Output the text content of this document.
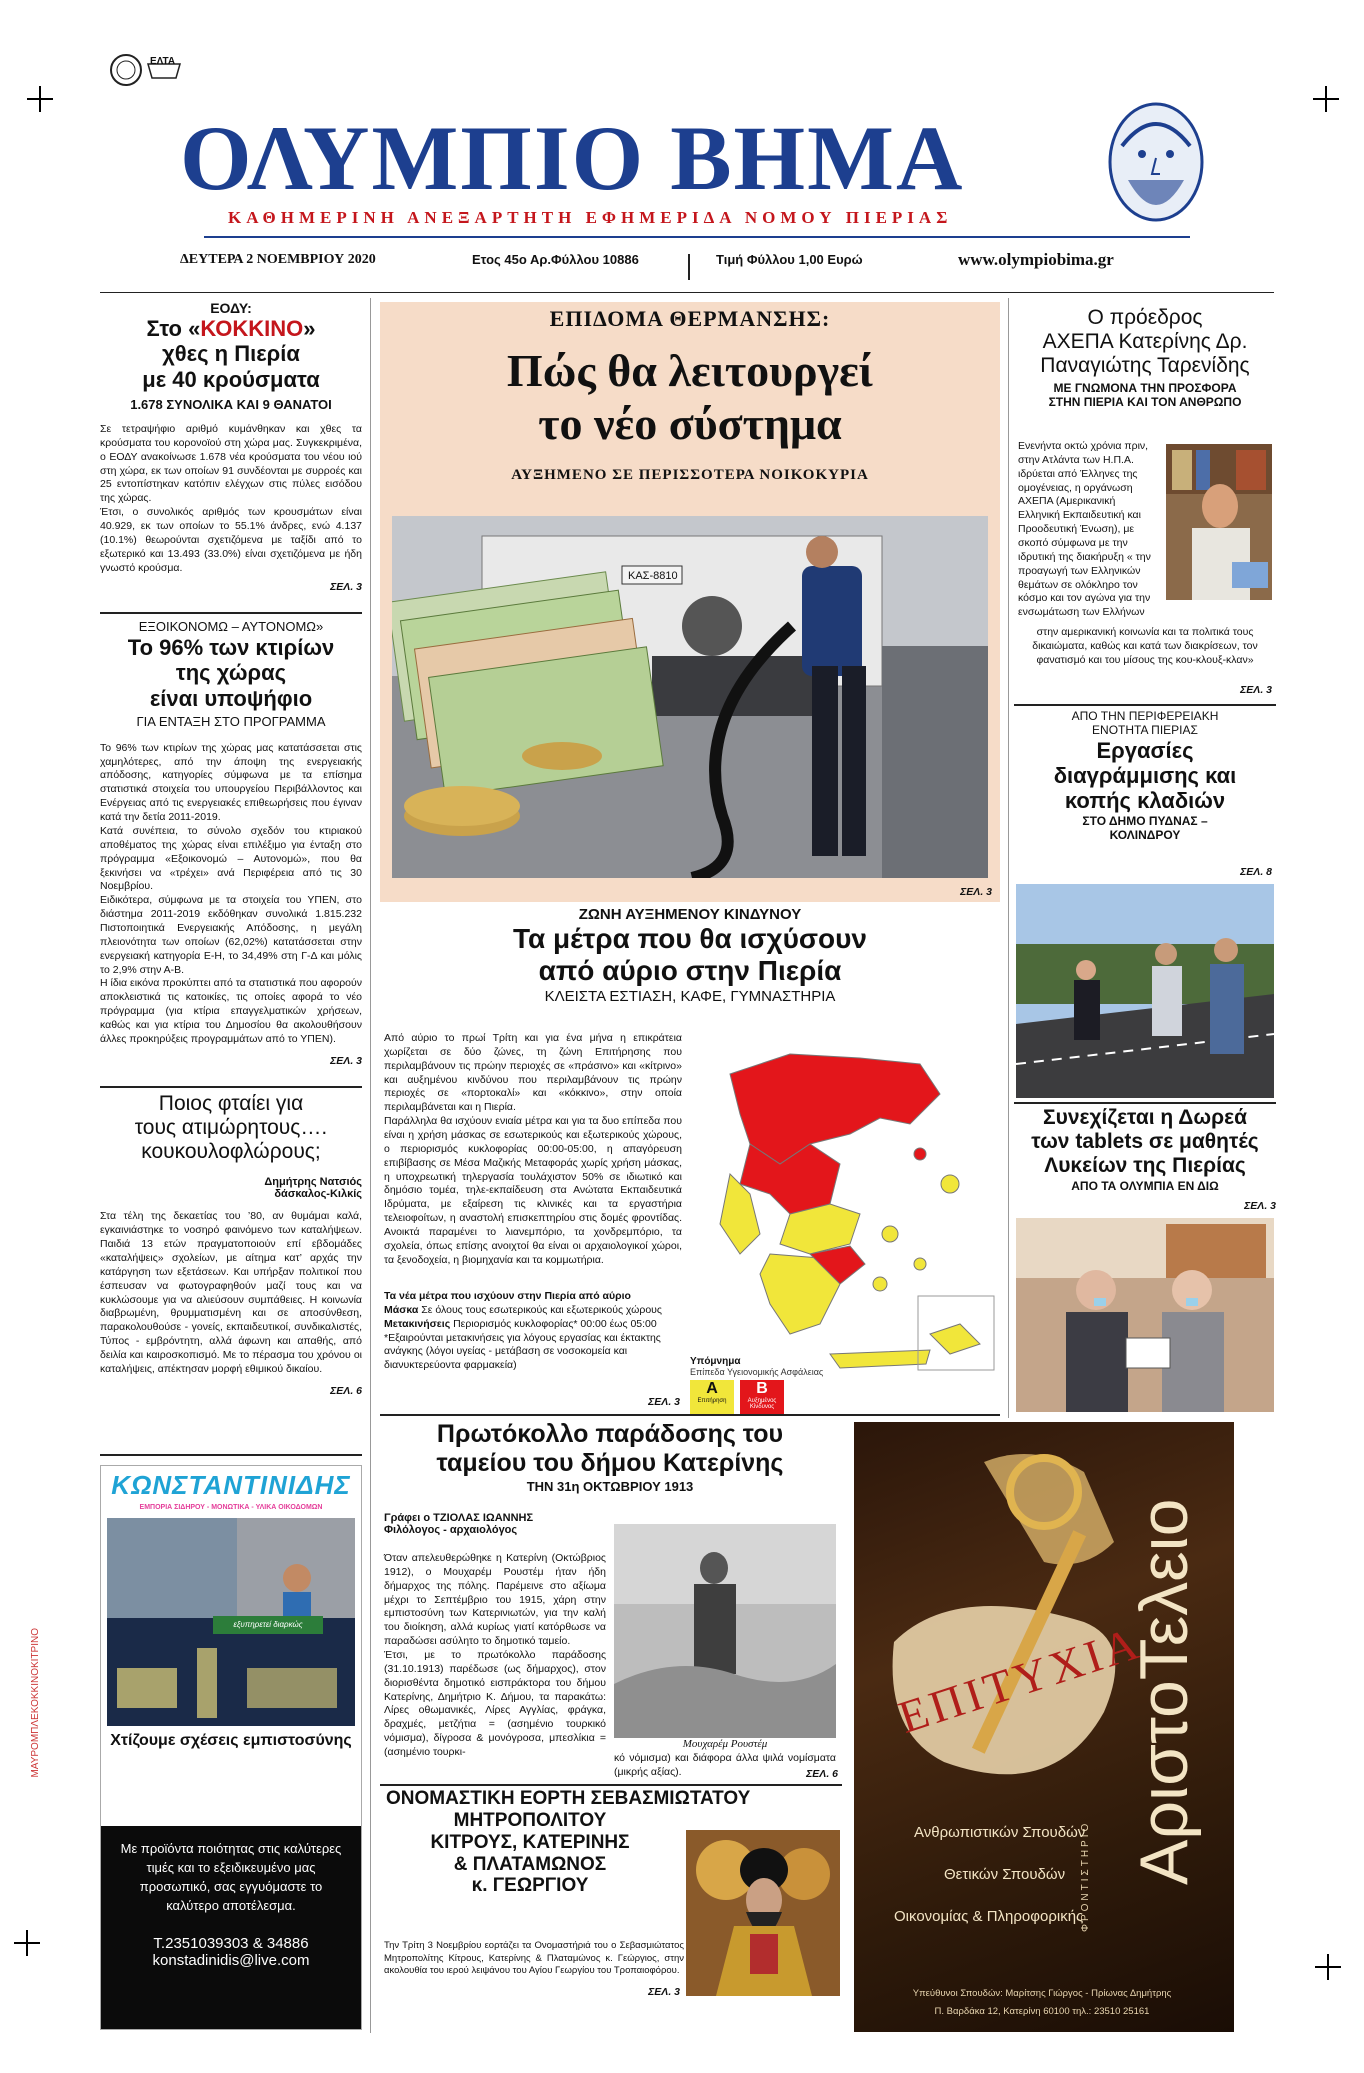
ΜΑΥΡΟΜΠΛΕΚΟΚΚΙΝΟΚΙΤΡΙΝΟ
ΕΛΤΑ
ΟΛΥΜΠΙΟ ΒΗΜΑ
ΚΑΘΗΜΕΡΙΝΗ ΑΝΕΞΑΡΤΗΤΗ ΕΦΗΜΕΡΙΔΑ ΝΟΜΟΥ ΠΙΕΡΙΑΣ
ΔΕΥΤΕΡΑ 2 ΝΟΕΜΒΡΙΟΥ 2020	Ετος 45ο Αρ.Φύλλου 10886	Τιμή Φύλλου 1,00 Ευρώ	www.olympiobima.gr
ΕΟΔΥ:
Στο «ΚΟΚΚΙΝΟ»
χθες η Πιερία
με 40 κρούσματα
1.678 ΣΥΝΟΛΙΚΑ ΚΑΙ 9 ΘΑΝΑΤΟΙ
Σε τετραψήφιο αριθμό κυμάνθηκαν και χθες τα κρούσματα του κορονοϊού στη χώρα μας. Συγκεκριμένα, ο ΕΟΔΥ ανακοίνωσε 1.678 νέα κρούσματα του νέου ιού στη χώρα, εκ των οποίων 91 συνδέονται με συρροές και 25 εντοπίστηκαν κατόπιν ελέγχων στις πύλες εισόδου της χώρας.
Έτσι, ο συνολικός αριθμός των κρουσμάτων είναι 40.929, εκ των οποίων το 55.1% άνδρες, ενώ 4.137 (10.1%) θεωρούνται σχετιζόμενα με ταξίδι από το εξωτερικό και 13.493 (33.0%) είναι σχετιζόμενα με ήδη γνωστό κρούσμα.
ΣΕΛ. 3
ΕΞΟΙΚΟΝΟΜΩ – ΑΥΤΟΝΟΜΩ»
Το 96% των κτιρίων
της χώρας
είναι υποψήφιο
ΓΙΑ ΕΝΤΑΞΗ ΣΤΟ ΠΡΟΓΡΑΜΜΑ
Το 96% των κτιρίων της χώρας μας κατατάσσεται στις χαμηλότερες, από την άποψη της ενεργειακής απόδοσης, κατηγορίες σύμφωνα με τα επίσημα στατιστικά στοιχεία του υπουργείου Περιβάλλοντος και Ενέργειας από τις ενεργειακές επιθεωρήσεις που έγιναν κατά την δετία 2011-2019.
Κατά συνέπεια, το σύνολο σχεδόν του κτιριακού αποθέματος της χώρας είναι επιλέξιμο για ένταξη στο πρόγραμμα «Εξοικονομώ – Αυτονομώ», που θα ξεκινήσει να «τρέχει» ανά Περιφέρεια από τις 30 Νοεμβρίου.
Ειδικότερα, σύμφωνα με τα στοιχεία του ΥΠΕΝ, στο διάστημα 2011-2019 εκδόθηκαν συνολικά 1.815.232 Πιστοποιητικά Ενεργειακής Απόδοσης, η μεγάλη πλειονότητα των οποίων (62,02%) κατατάσσεται στην ενεργειακή κατηγορία Ε-Η, το 34,49% στη Γ-Δ και μόλις το 2,9% στην Α-Β.
Η ίδια εικόνα προκύπτει από τα στατιστικά που αφορούν αποκλειστικά τις κατοικίες, τις οποίες αφορά το νέο πρόγραμμα (για κτίρια επαγγελματικών χρήσεων, καθώς και για κτίρια του Δημοσίου θα ακολουθήσουν άλλες προκηρύξεις προγραμμάτων από το ΥΠΕΝ).
ΣΕΛ. 3
Ποιος φταίει για
τους ατιμώρητους….
κουκουλοφλώρους;
Δημήτρης Νατσιός
δάσκαλος-Κιλκίς
Στα τέλη της δεκαετίας του ’80, αν θυμάμαι καλά, εγκαινιάστηκε το νοσηρό φαινόμενο των καταλήψεων. Παιδιά 13 ετών πραγματοποιούν επί εβδομάδες «καταλήψεις» σχολείων, με αίτημα κατ’ αρχάς την κατάργηση των εξετάσεων. Και υπήρξαν πολιτικοί που έσπευσαν να φωτογραφηθούν μαζί τους και να κυκλώσουμε για να αλιεύσουν συμπάθειες. Η κοινωνία διαβρωμένη, θρυμματισμένη και σε αποσύνθεση, παρακολουθούσε - γονείς, εκπαιδευτικοί, συνδικαλιστές, Τύπος - εμβρόντητη, αλλά άφωνη και απαθής, από δειλία και καιροσκοπισμό. Με το πέρασμα του χρόνου οι καταλήψεις, απέκτησαν μορφή εθιμικού δικαίου.
ΣΕΛ. 6
ΕΠΙΔΟΜΑ ΘΕΡΜΑΝΣΗΣ:
Πώς θα λειτουργεί
το νέο σύστημα
ΑΥΞΗΜΕΝΟ ΣΕ ΠΕΡΙΣΣΟΤΕΡΑ ΝΟΙΚΟΚΥΡΙΑ
ΚΑΣ-8810
ΣΕΛ. 3
ΖΩΝΗ ΑΥΞΗΜΕΝΟΥ ΚΙΝΔΥΝΟΥ
Τα μέτρα που θα ισχύσουν
από αύριο στην Πιερία
ΚΛΕΙΣΤΑ ΕΣΤΙΑΣΗ, ΚΑΦΕ, ΓΥΜΝΑΣΤΗΡΙΑ
Από αύριο το πρωί Τρίτη και για ένα μήνα η επικράτεια χωρίζεται σε δύο ζώνες, τη ζώνη Επιτήρησης που περιλαμβάνουν τις πρώην περιοχές σε «πράσινο» και «κίτρινο» και αυξημένου κινδύνου που περιλαμβάνουν τις πρώην περιοχές σε «πορτοκαλί» και «κόκκινο», στην οποία περιλαμβάνεται και η Πιερία.
Παράλληλα θα ισχύουν ενιαία μέτρα και για τα δυο επίπεδα που είναι η χρήση μάσκας σε εσωτερικούς και εξωτερικούς χώρους, ο περιορισμός κυκλοφορίας 00:00-05:00, η απαγόρευση επιβίβασης σε Μέσα Μαζικής Μεταφοράς χωρίς χρήση μάσκας, η υποχρεωτική τηλεργασία τουλάχιστον 50% σε ιδιωτικό και δημόσιο τομέα, τηλε-εκπαίδευση στα Ανώτατα Εκπαιδευτικά Ιδρύματα, με εξαίρεση τις κλινικές και τα εργαστήρια τελειοφοίτων, η αναστολή επισκεπτηρίου στις δομές φροντίδας. Ανοικτά παραμένει το λιανεμπόριο, τα χονδρεμπόριο, τα σχολεία, όπως επίσης ανοιχτοί θα είναι οι αρχαιολογικοί χώροι, τα ξενοδοχεία, η βιομηχανία και τα κομμωτήρια.
Τα νέα μέτρα που ισχύουν στην Πιερία από αύριο
Μάσκα Σε όλους τους εσωτερικούς και εξωτερικούς χώρους
Μετακινήσεις Περιορισμός κυκλοφορίας* 00:00 έως 05:00
*Εξαιρούνται μετακινήσεις για λόγους εργασίας και έκτακτης ανάγκης (λόγοι υγείας - μετάβαση σε νοσοκομεία και διανυκτερεύοντα φαρμακεία)
ΣΕΛ. 3
Υπόμνημα
Επίπεδα Υγειονομικής Ασφάλειας
A
Επιτήρηση
B
Αυξημένος Κίνδυνος
Πρωτόκολλο παράδοσης του
ταμείου του δήμου Κατερίνης
ΤΗΝ 31η ΟΚΤΩΒΡΙΟΥ 1913
Γράφει ο ΤΖΙΟΛΑΣ ΙΩΑΝΝΗΣ
Φιλόλογος - αρχαιολόγος
Όταν απελευθερώθηκε η Κατερίνη (Οκτώβριος 1912), ο Μουχαρέμ Ρουστέμ ήταν ήδη δήμαρχος της πόλης. Παρέμεινε στο αξίωμα μέχρι το Σεπτέμβριο του 1915, χάρη στην εμπιστοσύνη των Κατερινιωτών, για την καλή του διοίκηση, αλλά κυρίως γιατί κατόρθωσε να παραδώσει ασύλητο το δημοτικό ταμείο.
Έτσι, με το πρωτόκολλο παράδοσης (31.10.1913) παρέδωσε (ως δήμαρχος), στον διορισθέντα δημοτικό εισπράκτορα του δήμου Κατερίνης, Δημήτριο Κ. Δήμου, τα παρακάτω: Λίρες οθωμανικές, Λίρες Αγγλίας, φράγκα, δραχμές, μετζήτια = (ασημένιο τουρκικό νόμισμα), δίγροσα & μονόγροσα, μπεσλίκια = (ασημένιο τουρκι-
Μουχαρέμ Ρουστέμ
κό νόμισμα) και διάφορα άλλα ψιλά νομίσματα (μικρής αξίας).	ΣΕΛ. 6
ΟΝΟΜΑΣΤΙΚΗ ΕΟΡΤΗ ΣΕΒΑΣΜΙΩΤΑΤΟΥ
ΜΗΤΡΟΠΟΛΙΤΟΥ
ΚΙΤΡΟΥΣ, ΚΑΤΕΡΙΝΗΣ
& ΠΛΑΤΑΜΩΝΟΣ
κ. ΓΕΩΡΓΙΟΥ
Την Τρίτη 3 Νοεμβρίου εορτάζει τα Ονομαστήριά του ο Σεβασμιώτατος Μητροπολίτης Κίτρους, Κατερίνης & Πλαταμώνος κ. Γεώργιος, στην ακολουθία του ιερού λειψάνου του Αγίου Γεωργίου του Τροπαιοφόρου.
ΣΕΛ. 3
ΚΩΝΣΤΑΝΤΙΝΙΔΗΣ
ΕΜΠΟΡΙΑ ΣΙΔΗΡΟΥ - ΜΟΝΩΤΙΚΑ - ΥΛΙΚΑ ΟΙΚΟΔΟΜΩΝ
εξυπηρετεί διαρκώς
Χτίζουμε σχέσεις εμπιστοσύνης
Με προϊόντα ποιότητας στις καλύτερες τιμές και το εξειδικευμένο μας προσωπικό, σας εγγυόμαστε το καλύτερο αποτέλεσμα.
Τ.2351039303 & 34886
konstadinidis@live.com
Ο πρόεδρος
ΑΧΕΠΑ Κατερίνης Δρ.
Παναγιώτης Ταρενίδης
ΜΕ ΓΝΩΜΟΝΑ ΤΗΝ ΠΡΟΣΦΟΡΑ
ΣΤΗΝ ΠΙΕΡΙΑ ΚΑΙ ΤΟΝ ΑΝΘΡΩΠΟ
Ενενήντα οκτώ χρόνια πριν, στην Ατλάντα των Η.Π.Α. ιδρύεται από Έλληνες της ομογένειας, η οργάνωση ΑΧΕΠΑ (Αμερικανική Ελληνική Εκπαιδευτική και Προοδευτική Ένωση), με σκοπό σύμφωνα με την ιδρυτική της διακήρυξη « την προαγωγή των Ελληνικών θεμάτων σε ολόκληρο τον κόσμο και τον αγώνα για την ενσωμάτωση των Ελλήνων
στην αμερικανική κοινωνία και τα πολιτικά τους δικαιώματα, καθώς και κατά των διακρίσεων, τον φανατισμό και του μίσους της κου-κλουξ-κλαν»
ΣΕΛ. 3
ΑΠΟ ΤΗΝ ΠΕΡΙΦΕΡΕΙΑΚΗ
ΕΝΟΤΗΤΑ ΠΙΕΡΙΑΣ
Εργασίες
διαγράμμισης και
κοπής κλαδιών
ΣΤΟ ΔΗΜΟ ΠΥΔΝΑΣ –
ΚΟΛΙΝΔΡΟΥ
ΣΕΛ. 8
Συνεχίζεται η Δωρεά
των tablets σε μαθητές
Λυκείων της Πιερίας
ΑΠΟ ΤΑ ΟΛΥΜΠΙΑ ΕΝ ΔΙΩ
ΣΕΛ. 3
ΕΠΙΤΥΧΙΑ
ΑριστοΤελειο
ΦΡΟΝΤΙΣΤΗΡΙΟ
Ανθρωπιστικών Σπουδών
Θετικών Σπουδών
Οικονομίας & Πληροφορικής
Υπεύθυνοι Σπουδών: Μαρίτσης Γιώργος - Πρίωνας Δημήτρης
Π. Βαρδάκα 12, Κατερίνη 60100 τηλ.: 23510 25161
